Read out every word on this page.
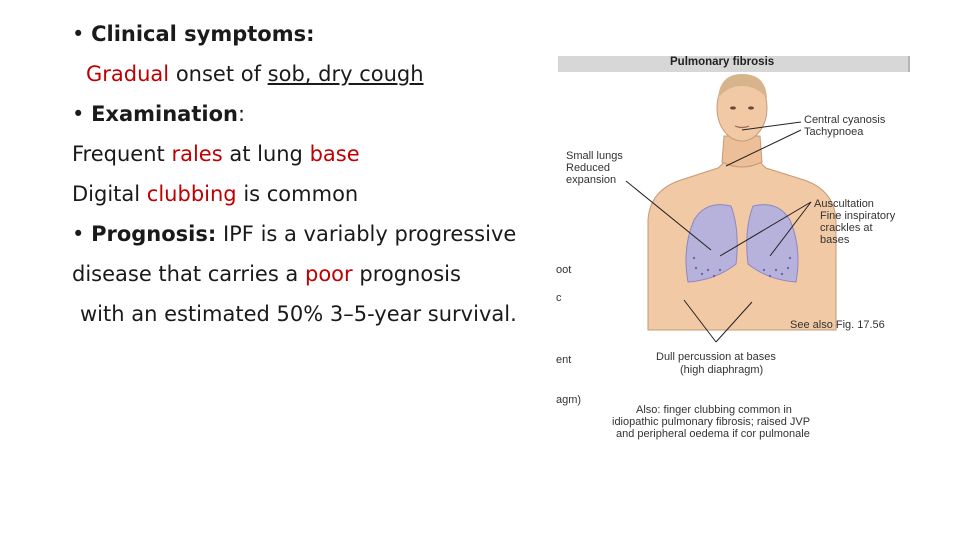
• Clinical symptoms:
Gradual onset of sob, dry cough
• Examination:
Frequent rales at lung base
Digital clubbing is common
• Prognosis: IPF is a variably progressive
disease that carries a poor prognosis
with an estimated 50% 3–5-year survival.
Pulmonary fibrosis
Central cyanosis
Tachypnoea
Small lungs
Reduced
expansion
Auscultation
Fine inspiratory
crackles at
bases
See also Fig. 17.56
Dull percussion at bases
(high diaphragm)
Also: finger clubbing common in
idiopathic pulmonary fibrosis; raised JVP
and peripheral oedema if cor pulmonale
oot
c
ent
agm)
